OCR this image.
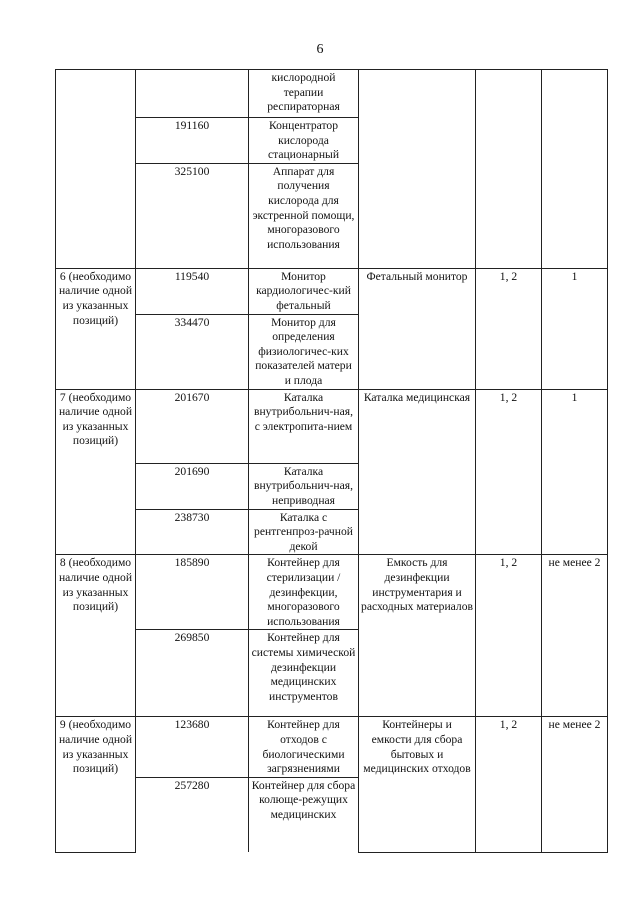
6
		кислородной терапии респираторная			
	191160	Концентратор кислорода стационарный			
	325100	Аппарат для получения кислорода для экстренной помощи, многоразового использования			
6 (необходимо наличие одной из указанных позиций)	119540	Монитор кардиологичес-кий фетальный	Фетальный монитор	1, 2	1
	334470	Монитор для определения физиологичес-ких показателей матери и плода			
7 (необходимо наличие одной из указанных позиций)	201670	Каталка внутрибольнич-ная, с электропита-нием	Каталка медицинская	1, 2	1
	201690	Каталка внутрибольнич-ная, неприводная			
	238730	Каталка с рентгенпроз-рачной декой			
8 (необходимо наличие одной из указанных позиций)	185890	Контейнер для стерилизации /дезинфекции, многоразового использования	Емкость для дезинфекции инструментария и расходных материалов	1, 2	не менее 2
	269850	Контейнер для системы химической дезинфекции медицинских инструментов			
9 (необходимо наличие одной из указанных позиций)	123680	Контейнер для отходов с биологическими загрязнениями	Контейнеры и емкости для сбора бытовых и медицинских отходов	1, 2	не менее 2
	257280	Контейнер для сбора колюще-режущих медицинских			
